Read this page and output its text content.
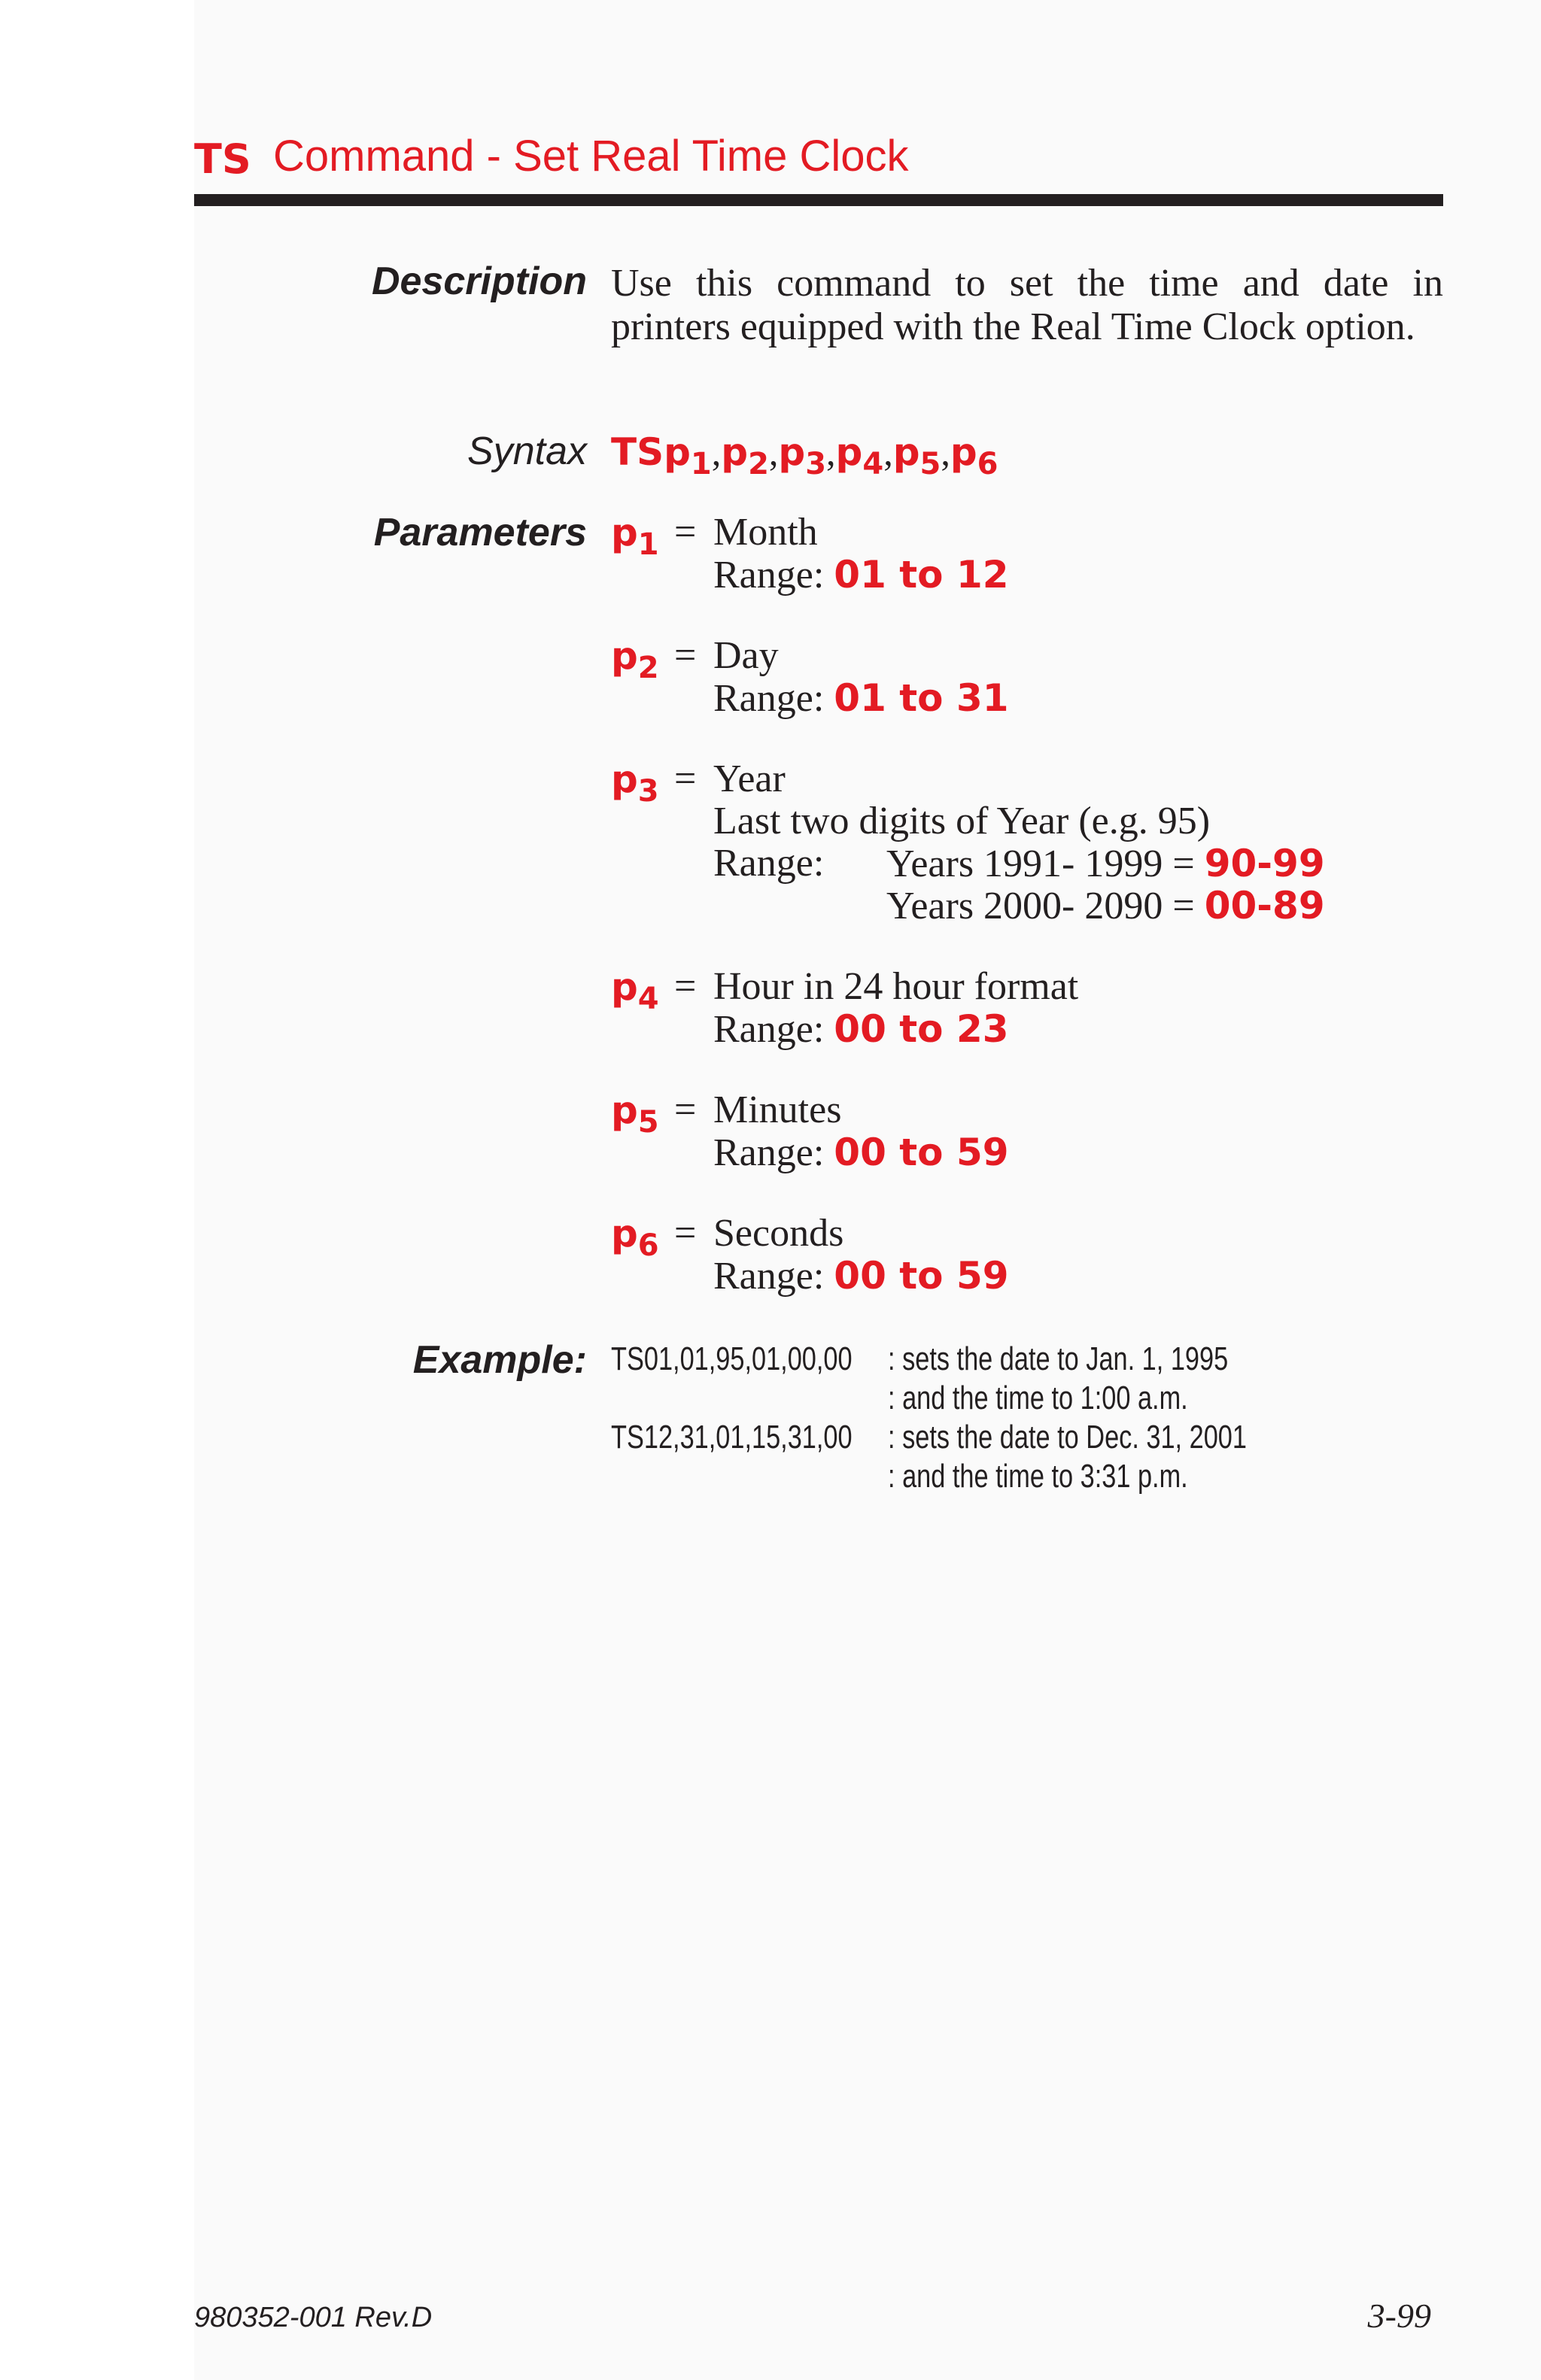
TS Command - Set Real Time Clock
Description Use this command to set the time and date in printers equipped with the Real Time Clock option.
Syntax $TSp_1,p_2,p_3,p_4,p_5,p_6$
Parameters $p_1$ = Month
Range: 01 to 12
$p_2$ = Day
Range: 01 to 31
$p_3$ = Year
Last two digits of Year (e.g. 95)
Range: Years 1991- 1999 = 90-99
Years 2000- 2090 = 00-89
$p_4$ = Hour in 24 hour format
Range: 00 to 23
$p_5$ = Minutes
Range: 00 to 59
$p_6$ = Seconds
Range: 00 to 59
Example: TS01,01,95,01,00,00	: sets the date to Jan. 1, 1995
: and the time to 1:00 a.m.
TS12,31,01,15,31,00	: sets the date to Dec. 31, 2001
: and the time to 3:31 p.m.
980352-001 Rev.D	3-99
